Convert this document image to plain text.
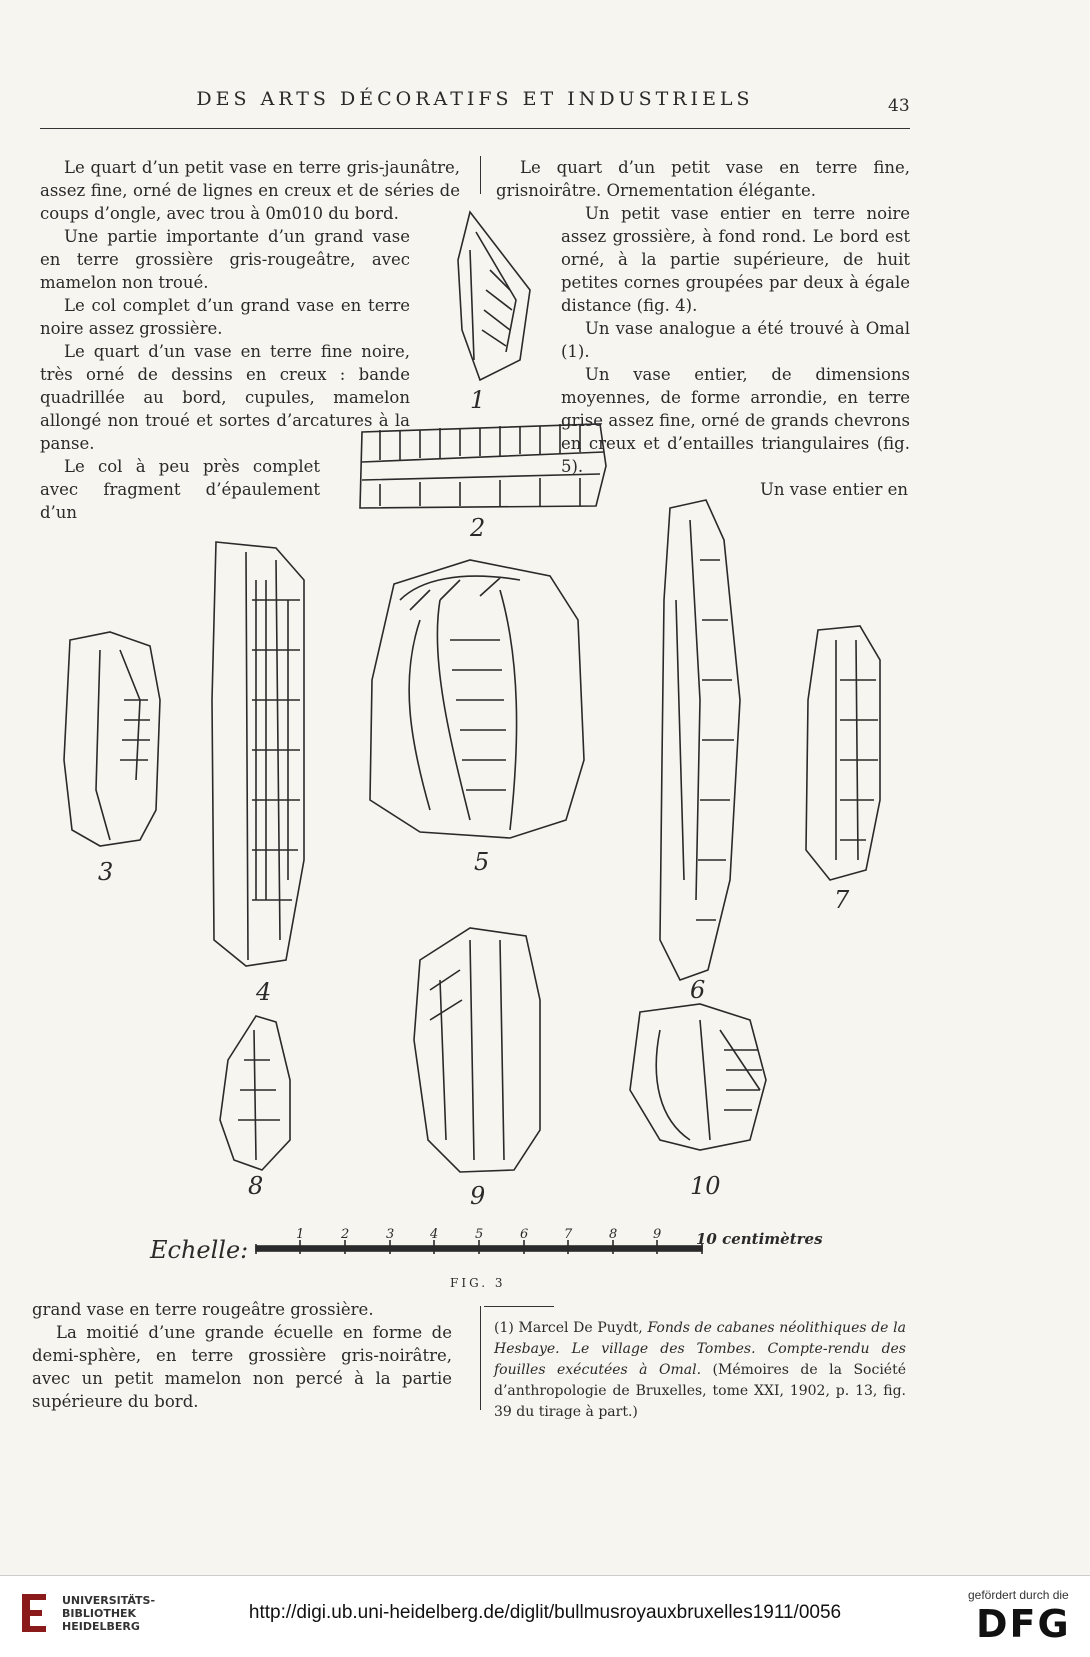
DES ARTS DÉCORATIFS ET INDUSTRIELS	43

Le quart d’un petit vase en terre gris-jaunâtre, assez fine, orné de lignes en creux et de séries de coups d’ongle, avec trou à 0m010 du bord.

Une partie importante d’un grand vase en terre grossière gris-rougeâtre, avec mamelon non troué.

Le col complet d’un grand vase en terre noire assez grossière.

Le quart d’un vase en terre fine noire, très orné de dessins en creux : bande quadrillée au bord, cupules, mamelon allongé non troué et sortes d’arcatures à la panse.

Le col à peu près complet avec fragment d’épaulement d’un

Le quart d’un petit vase en terre fine, grisnoirâtre. Ornementation élégante.

Un petit vase entier en terre noire assez grossière, à fond rond. Le bord est orné, à la partie supérieure, de huit petites cornes groupées par deux à égale distance (fig. 4).

Un vase analogue a été trouvé à Omal (1).

Un vase entier, de dimensions moyennes, de forme arrondie, en terre grise assez fine, orné de grands chevrons en creux et d’entailles triangulaires (fig. 5).

Un vase entier en

1
2
3
4
5
6
7
8	9	10
1	2	3	4	5	6	7	8	9
Echelle:	10 centimètres
FIG. 3

grand vase en terre rougeâtre grossière.

La moitié d’une grande écuelle en forme de demi-sphère, en terre grossière gris-noirâtre, avec un petit mamelon non percé à la partie supérieure du bord.

(1) Marcel De Puydt, Fonds de cabanes néolithiques de la Hesbaye. Le village des Tombes. Compte-rendu des fouilles exécutées à Omal. (Mémoires de la Société d’anthropologie de Bruxelles, tome XXI, 1902, p. 13, fig. 39 du tirage à part.)
UNIVERSITÄTS-
BIBLIOTHEK
HEIDELBERG
http://digi.ub.uni-heidelberg.de/diglit/bullmusroyauxbruxelles1911/0056
gefördert durch die
DFG
